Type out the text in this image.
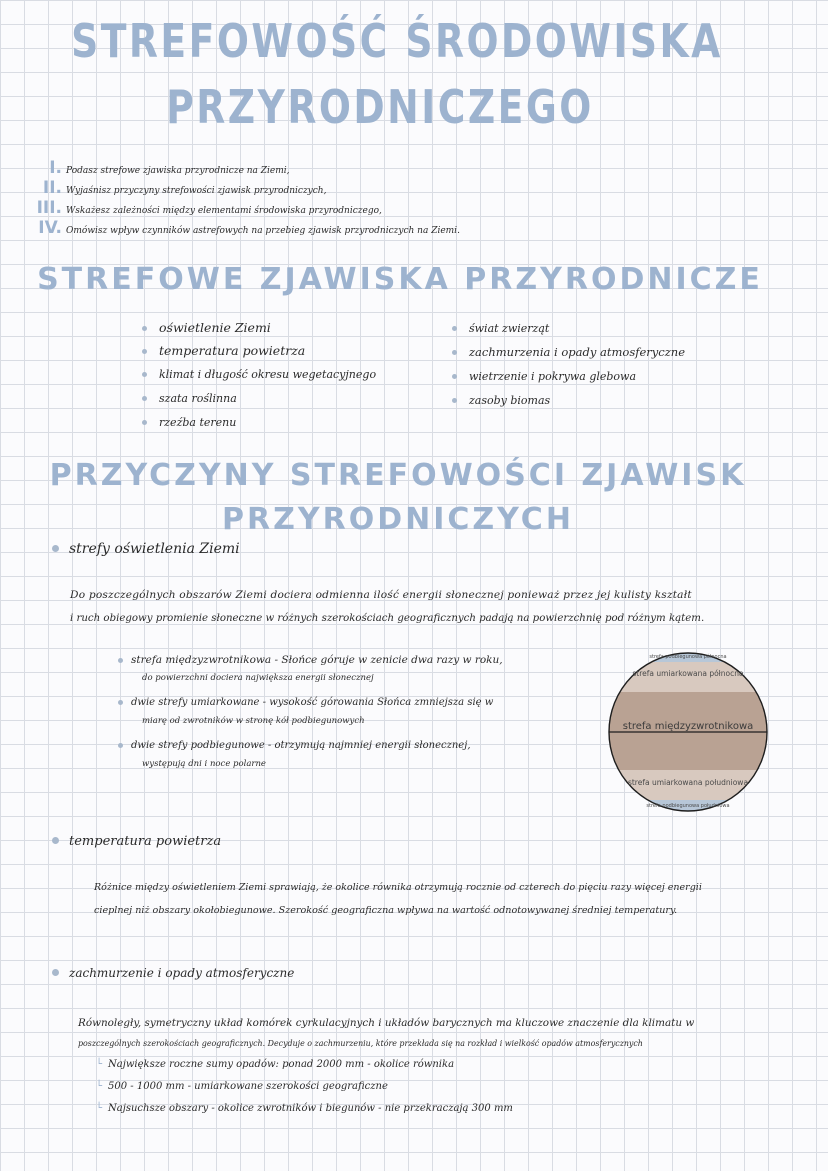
STREFOWOŚĆ ŚRODOWISKA
PRZYRODNICZEGO
I. Podasz strefowe zjawiska przyrodnicze na Ziemi,
II. Wyjaśnisz przyczyny strefowości zjawisk przyrodniczych,
III. Wskażesz zależności między elementami środowiska przyrodniczego,
IV. Omówisz wpływ czynników astrefowych na przebieg zjawisk przyrodniczych na Ziemi.
STREFOWE ZJAWISKA PRZYRODNICZE
oświetlenie Ziemi
temperatura powietrza
klimat i długość okresu wegetacyjnego
szata roślinna
rzeźba terenu
świat zwierząt
zachmurzenia i opady atmosferyczne
wietrzenie i pokrywa glebowa
zasoby biomas
PRZYCZYNY STREFOWOŚCI ZJAWISK
PRZYRODNICZYCH
strefy oświetlenia Ziemi
Do poszczególnych obszarów Ziemi dociera odmienna ilość energii słonecznej ponieważ przez jej kulisty kształt
i ruch obiegowy promienie słoneczne w różnych szerokościach geograficznych padają na powierzchnię pod różnym kątem.
strefa międzyzwrotnikowa - Słońce góruje w zenicie dwa razy w roku,
do powierzchni dociera największa energii słonecznej
dwie strefy umiarkowane - wysokość górowania Słońca zmniejsza się w
miarę od zwrotników w stronę kół podbiegunowych
dwie strefy podbiegunowe - otrzymują najmniej energii słonecznej,
występują dni i noce polarne
strefa podbiegunowa północna
strefa umiarkowana północna
strefa międzyzwrotnikowa
strefa umiarkowana południowa
strefa podbiegunowa południowa
temperatura powietrza
Różnice między oświetleniem Ziemi sprawiają, że okolice równika otrzymują rocznie od czterech do pięciu razy więcej energii
cieplnej niż obszary okołobiegunowe. Szerokość geograficzna wpływa na wartość odnotowywanej średniej temperatury.
zachmurzenie i opady atmosferyczne
Równoległy, symetryczny układ komórek cyrkulacyjnych i układów barycznych ma kluczowe znaczenie dla klimatu w
poszczególnych szerokościach geograficznych. Decyduje o zachmurzeniu, które przekłada się na rozkład i wielkość opadów atmosferycznych
└ Największe roczne sumy opadów: ponad 2000 mm - okolice równika
└ 500 - 1000 mm - umiarkowane szerokości geograficzne
└ Najsuchsze obszary - okolice zwrotników i biegunów - nie przekraczają 300 mm
